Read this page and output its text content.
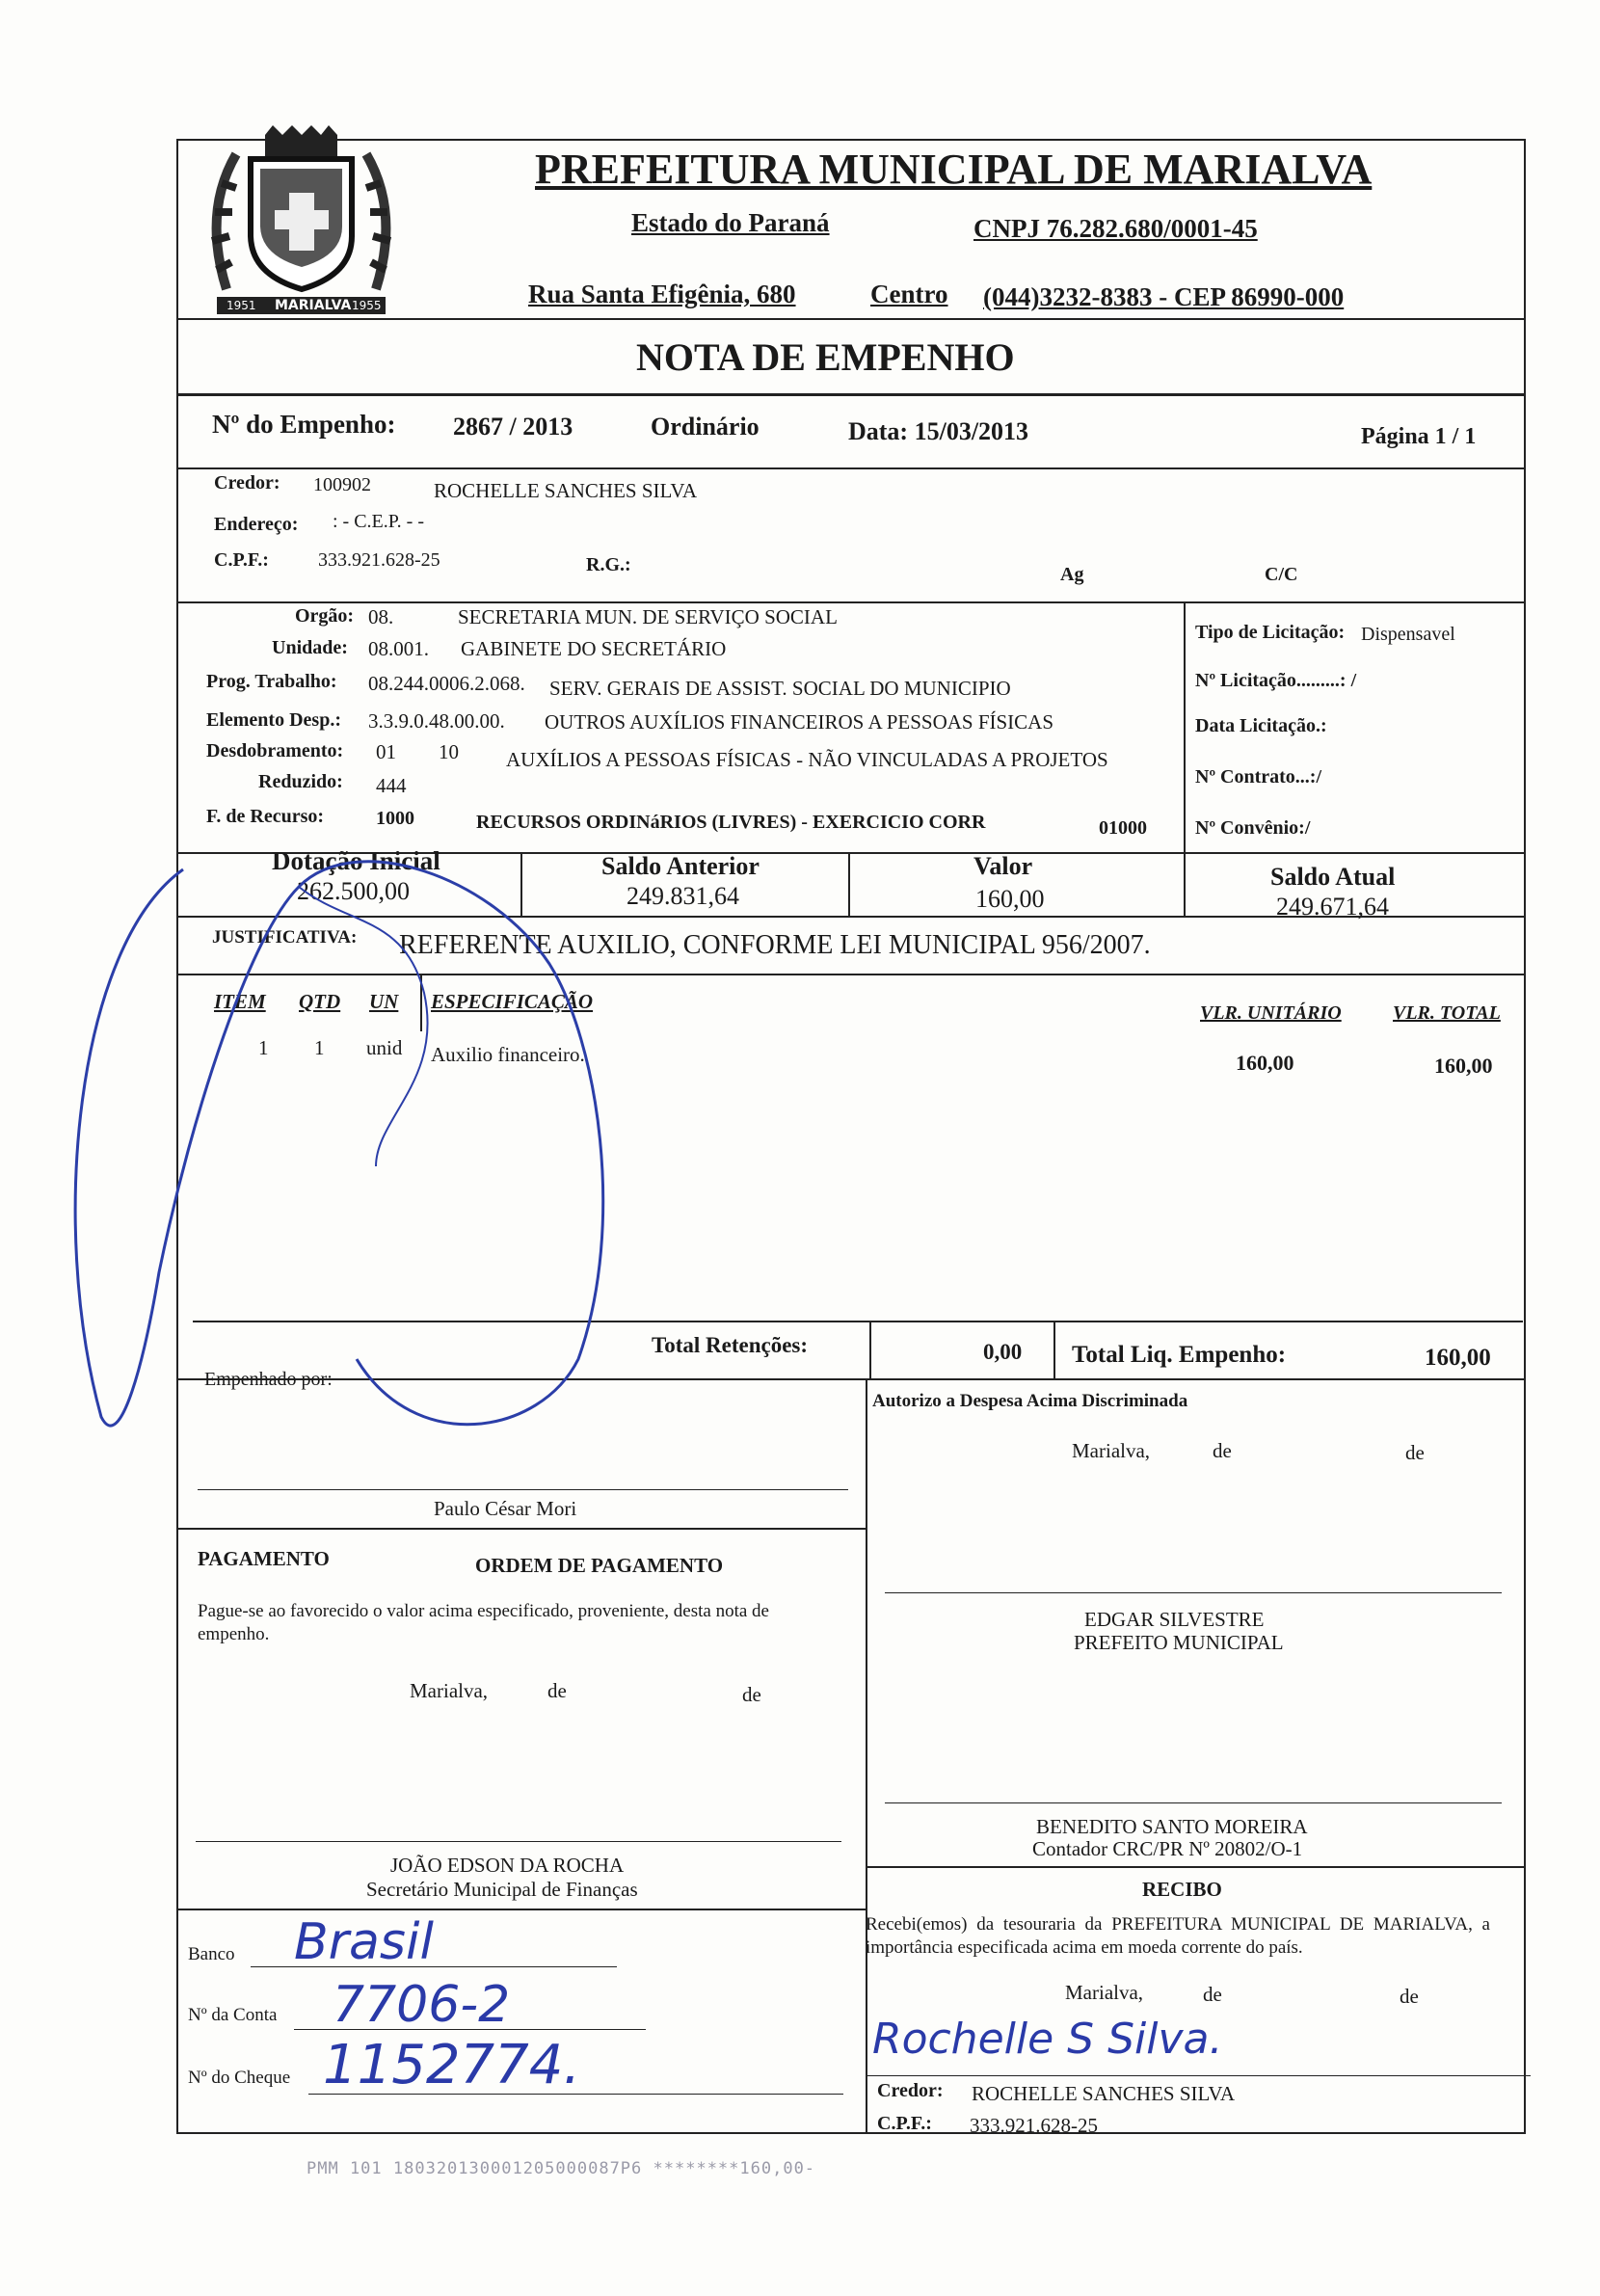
1951 MARIALVA 1955
PREFEITURA MUNICIPAL DE MARIALVA
Estado do Paraná	CNPJ 76.282.680/0001-45
Rua Santa Efigênia, 680	Centro (044)3232-8383 - CEP 86990-000
NOTA DE EMPENHO
Nº do Empenho: 2867 / 2013	Ordinário	Data: 15/03/2013	Página 1 / 1
Credor: 100902	ROCHELLE SANCHES SILVA
Endereço: : - C.E.P. - -
C.P.F.:	333.921.628-25	R.G.:	Ag	C/C
Orgão: 08.	SECRETARIA MUN. DE SERVIÇO SOCIAL
Unidade: 08.001. GABINETE DO SECRETÁRIO
Prog. Trabalho: 08.244.0006.2.068. SERV. GERAIS DE ASSIST. SOCIAL DO MUNICIPIO
Elemento Desp.: 3.3.9.0.48.00.00. OUTROS AUXÍLIOS FINANCEIROS A PESSOAS FÍSICAS
Desdobramento: 01 10 AUXÍLIOS A PESSOAS FÍSICAS - NÃO VINCULADAS A PROJETOS
Reduzido: 444
F. de Recurso:	1000	RECURSOS ORDINáRIOS (LIVRES) - EXERCICIO CORR	01000
Tipo de Licitação: Dispensavel
Nº Licitação.........: /
Data Licitação.:
Nº Contrato...:/
Nº Convênio:/
Dotação Inicial
262.500,00
Saldo Anterior
249.831,64
Valor
160,00
Saldo Atual
249.671,64
JUSTIFICATIVA: REFERENTE AUXILIO, CONFORME LEI MUNICIPAL 956/2007.
ITEM QTD UN ESPECIFICAÇÃO	VLR. UNITÁRIO	VLR. TOTAL
1 1 unid Auxilio financeiro.	160,00	160,00
Total Retenções:	0,00 Total Liq. Empenho:	160,00
Empenhado por:
Paulo César Mori
Autorizo a Despesa Acima Discriminada
Marialva,	de	de
EDGAR SILVESTRE
PREFEITO MUNICIPAL
PAGAMENTO	ORDEM DE PAGAMENTO
Pague-se ao favorecido o valor acima especificado, proveniente, desta nota de empenho.
Marialva,	de	de
JOÃO EDSON DA ROCHA
Secretário Municipal de Finanças
BENEDITO SANTO MOREIRA
Contador CRC/PR Nº 20802/O-1
RECIBO
Recebi(emos) da tesouraria da PREFEITURA MUNICIPAL DE MARIALVA, a importância especificada acima em moeda corrente do país.
Marialva,	de	de
Rochelle S Silva.
Credor: ROCHELLE SANCHES SILVA
C.P.F.: 333.921.628-25
Banco Brasil
Nº da Conta 7706-2
Nº do Cheque 1152774.
PMM 101 180320130001205000087P6 ********160,00-
